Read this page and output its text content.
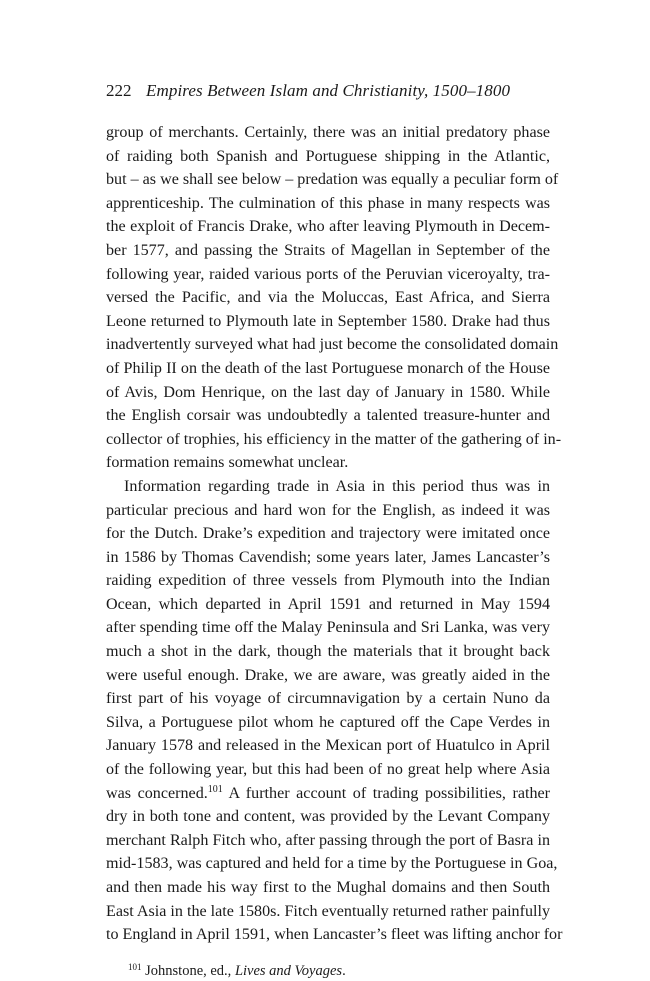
222 Empires Between Islam and Christianity, 1500–1800
group of merchants. Certainly, there was an initial predatory phase
of raiding both Spanish and Portuguese shipping in the Atlantic,
but – as we shall see below – predation was equally a peculiar form of
apprenticeship. The culmination of this phase in many respects was
the exploit of Francis Drake, who after leaving Plymouth in Decem-
ber 1577, and passing the Straits of Magellan in September of the
following year, raided various ports of the Peruvian viceroyalty, tra-
versed the Pacific, and via the Moluccas, East Africa, and Sierra
Leone returned to Plymouth late in September 1580. Drake had thus
inadvertently surveyed what had just become the consolidated domain
of Philip II on the death of the last Portuguese monarch of the House
of Avis, Dom Henrique, on the last day of January in 1580. While
the English corsair was undoubtedly a talented treasure-hunter and
collector of trophies, his efficiency in the matter of the gathering of in-
formation remains somewhat unclear.
Information regarding trade in Asia in this period thus was in
particular precious and hard won for the English, as indeed it was
for the Dutch. Drake’s expedition and trajectory were imitated once
in 1586 by Thomas Cavendish; some years later, James Lancaster’s
raiding expedition of three vessels from Plymouth into the Indian
Ocean, which departed in April 1591 and returned in May 1594
after spending time off the Malay Peninsula and Sri Lanka, was very
much a shot in the dark, though the materials that it brought back
were useful enough. Drake, we are aware, was greatly aided in the
first part of his voyage of circumnavigation by a certain Nuno da
Silva, a Portuguese pilot whom he captured off the Cape Verdes in
January 1578 and released in the Mexican port of Huatulco in April
of the following year, but this had been of no great help where Asia
was concerned.$^{101}$ A further account of trading possibilities, rather
dry in both tone and content, was provided by the Levant Company
merchant Ralph Fitch who, after passing through the port of Basra in
mid-1583, was captured and held for a time by the Portuguese in Goa,
and then made his way first to the Mughal domains and then South
East Asia in the late 1580s. Fitch eventually returned rather painfully
to England in April 1591, when Lancaster’s fleet was lifting anchor for
$^{101}$ Johnstone, ed., Lives and Voyages.
